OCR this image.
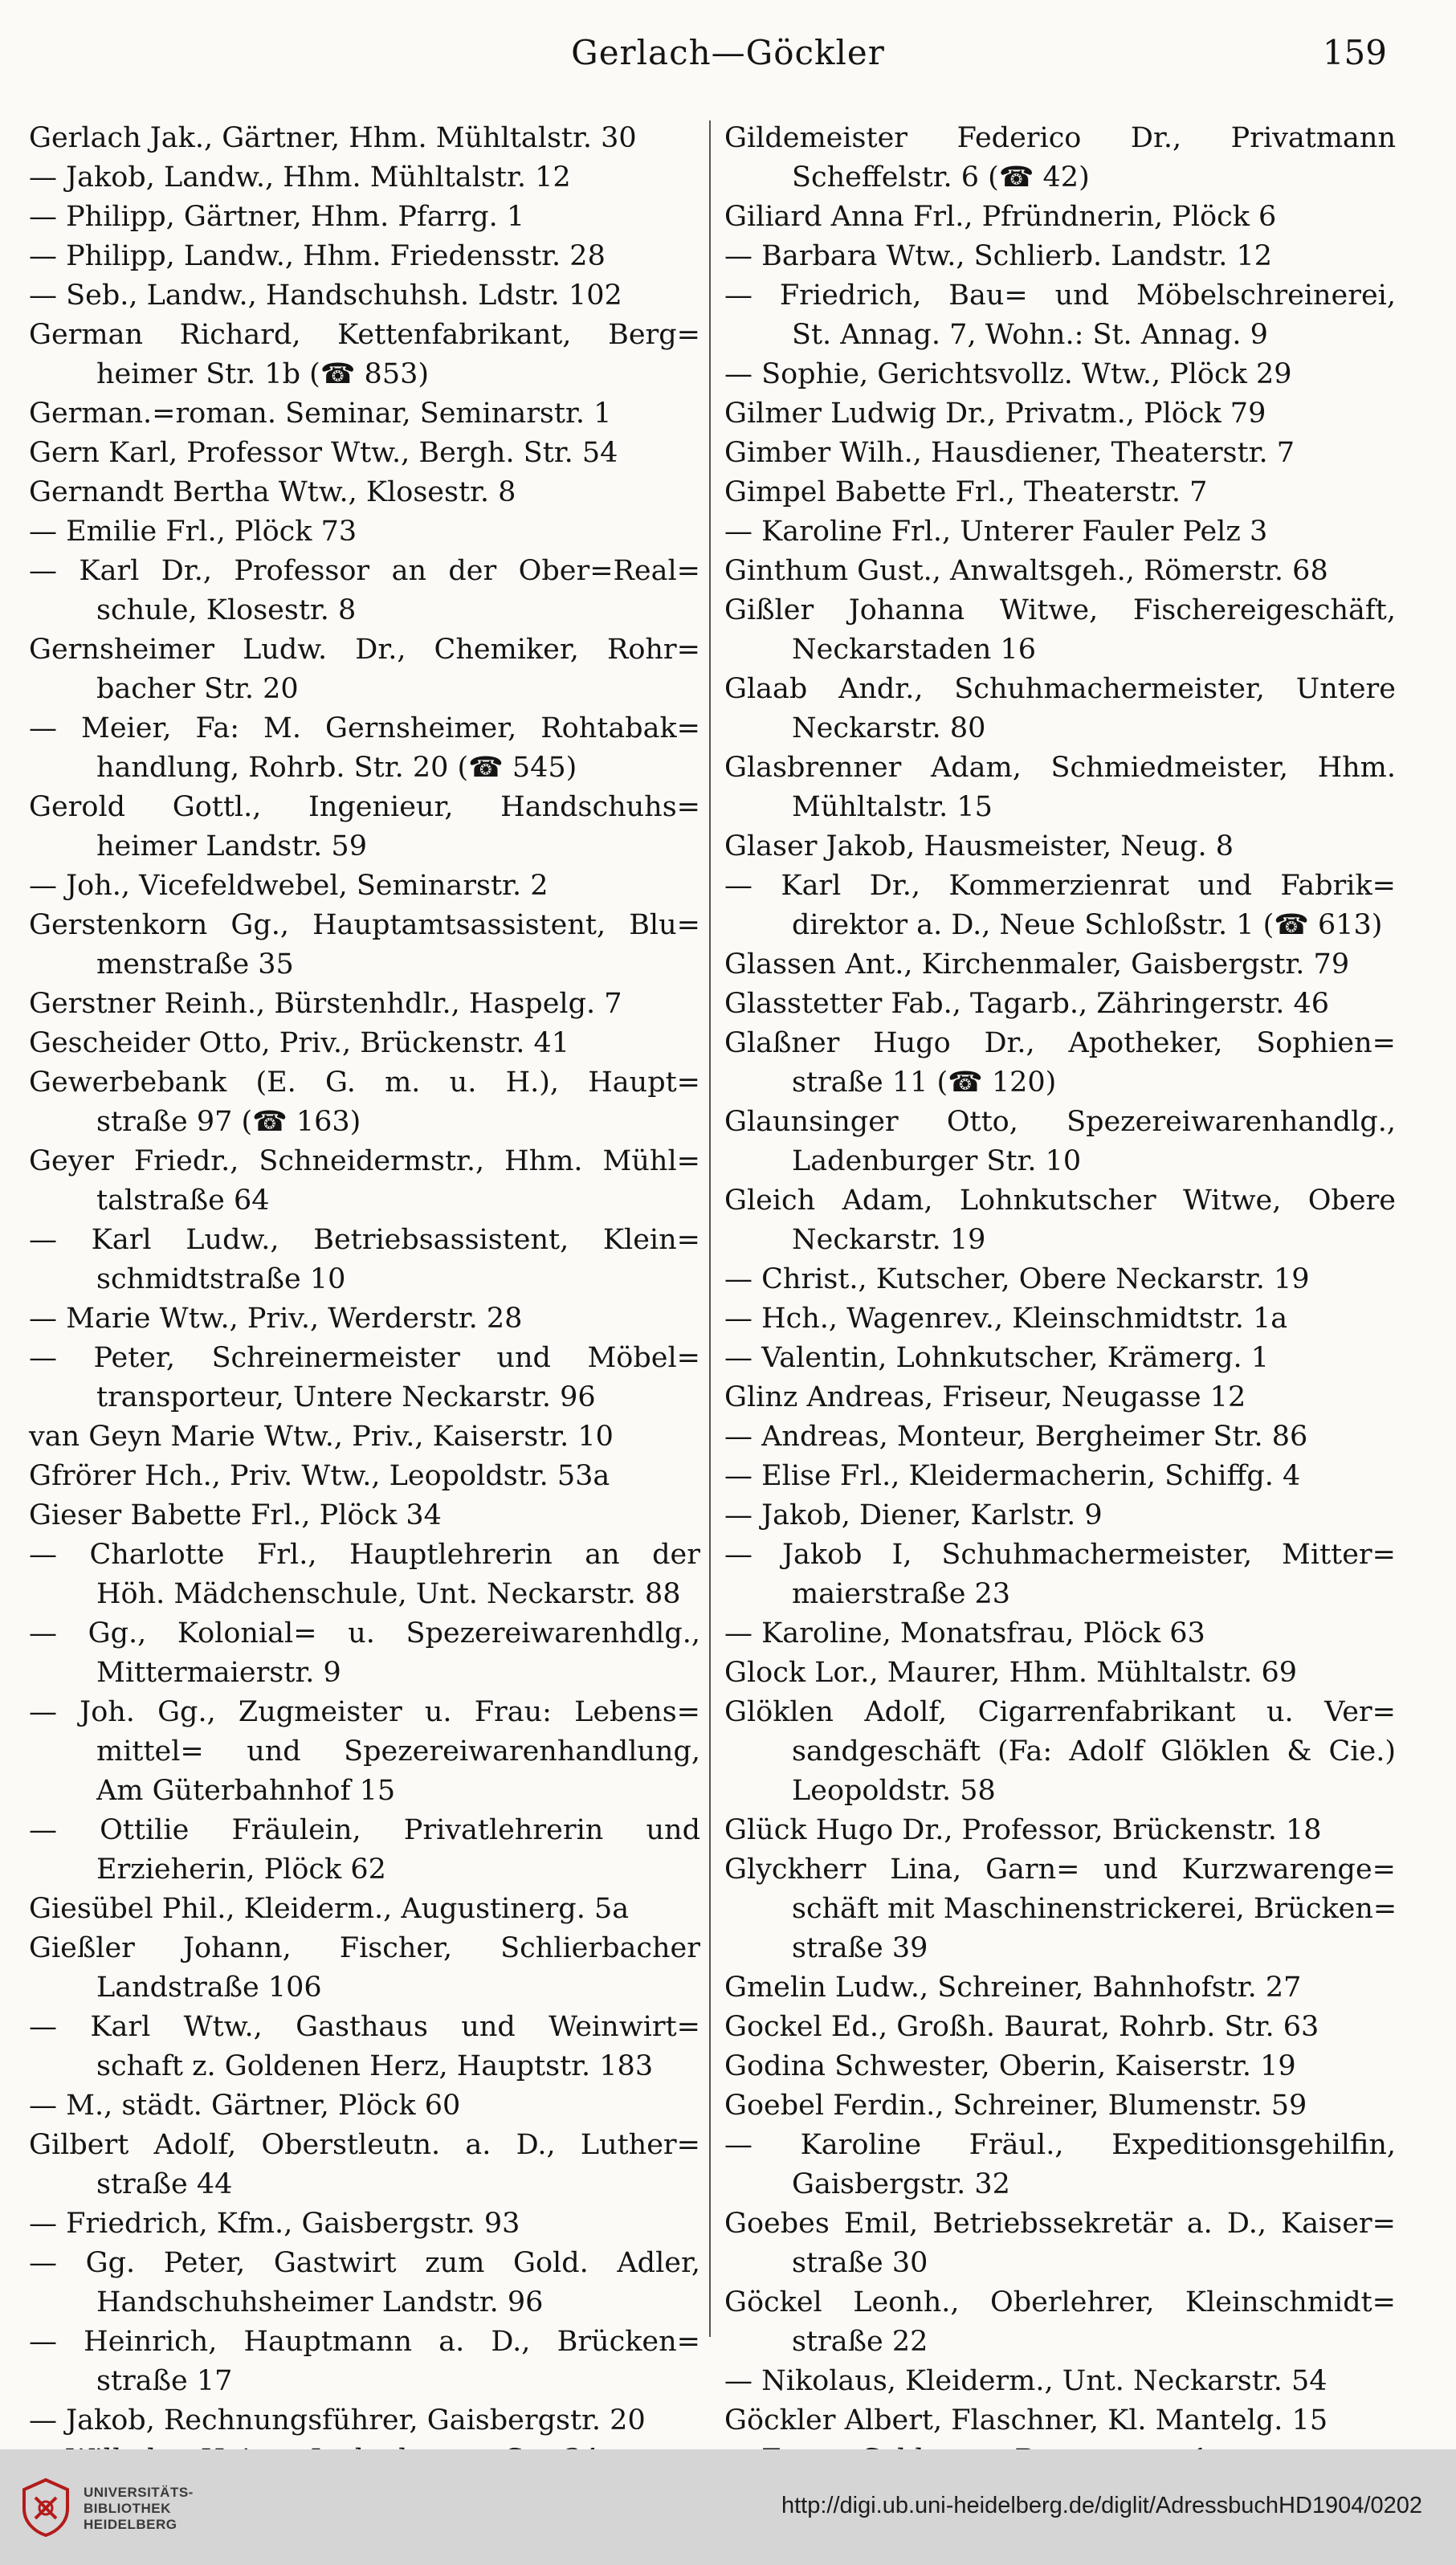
Gerlach—Göckler	159
Gerlach Jak., Gärtner, Hhm. Mühltalstr. 30
— Jakob, Landw., Hhm. Mühltalstr. 12
— Philipp, Gärtner, Hhm. Pfarrg. 1
— Philipp, Landw., Hhm. Friedensstr. 28
— Seb., Landw., Handschuhsh. Ldstr. 102
German Richard, Kettenfabrikant, Berg=
heimer Str. 1b (☎ 853)
German.=roman. Seminar, Seminarstr. 1
Gern Karl, Professor Wtw., Bergh. Str. 54
Gernandt Bertha Wtw., Klosestr. 8
— Emilie Frl., Plöck 73
— Karl Dr., Professor an der Ober=Real=
schule, Klosestr. 8
Gernsheimer Ludw. Dr., Chemiker, Rohr=
bacher Str. 20
— Meier, Fa: M. Gernsheimer, Rohtabak=
handlung, Rohrb. Str. 20 (☎ 545)
Gerold Gottl., Ingenieur, Handschuhs=
heimer Landstr. 59
— Joh., Vicefeldwebel, Seminarstr. 2
Gerstenkorn Gg., Hauptamtsassistent, Blu=
menstraße 35
Gerstner Reinh., Bürstenhdlr., Haspelg. 7
Gescheider Otto, Priv., Brückenstr. 41
Gewerbebank (E. G. m. u. H.), Haupt=
straße 97 (☎ 163)
Geyer Friedr., Schneidermstr., Hhm. Mühl=
talstraße 64
— Karl Ludw., Betriebsassistent, Klein=
schmidtstraße 10
— Marie Wtw., Priv., Werderstr. 28
— Peter, Schreinermeister und Möbel=
transporteur, Untere Neckarstr. 96
van Geyn Marie Wtw., Priv., Kaiserstr. 10
Gfrörer Hch., Priv. Wtw., Leopoldstr. 53a
Gieser Babette Frl., Plöck 34
— Charlotte Frl., Hauptlehrerin an der
Höh. Mädchenschule, Unt. Neckarstr. 88
— Gg., Kolonial= u. Spezereiwarenhdlg.,
Mittermaierstr. 9
— Joh. Gg., Zugmeister u. Frau: Lebens=
mittel= und Spezereiwarenhandlung,
Am Güterbahnhof 15
— Ottilie Fräulein, Privatlehrerin und
Erzieherin, Plöck 62
Giesübel Phil., Kleiderm., Augustinerg. 5a
Gießler Johann, Fischer, Schlierbacher
Landstraße 106
— Karl Wtw., Gasthaus und Weinwirt=
schaft z. Goldenen Herz, Hauptstr. 183
— M., städt. Gärtner, Plöck 60
Gilbert Adolf, Oberstleutn. a. D., Luther=
straße 44
— Friedrich, Kfm., Gaisbergstr. 93
— Gg. Peter, Gastwirt zum Gold. Adler,
Handschuhsheimer Landstr. 96
— Heinrich, Hauptmann a. D., Brücken=
straße 17
— Jakob, Rechnungsführer, Gaisbergstr. 20
Gildemeister Federico Dr., Privatmann
Scheffelstr. 6 (☎ 42)
Giliard Anna Frl., Pfründnerin, Plöck 6
— Barbara Wtw., Schlierb. Landstr. 12
— Friedrich, Bau= und Möbelschreinerei,
St. Annag. 7, Wohn.: St. Annag. 9
— Sophie, Gerichtsvollz. Wtw., Plöck 29
Gilmer Ludwig Dr., Privatm., Plöck 79
Gimber Wilh., Hausdiener, Theaterstr. 7
Gimpel Babette Frl., Theaterstr. 7
— Karoline Frl., Unterer Fauler Pelz 3
Ginthum Gust., Anwaltsgeh., Römerstr. 68
Gißler Johanna Witwe, Fischereigeschäft,
Neckarstaden 16
Glaab Andr., Schuhmachermeister, Untere
Neckarstr. 80
Glasbrenner Adam, Schmiedmeister, Hhm.
Mühltalstr. 15
Glaser Jakob, Hausmeister, Neug. 8
— Karl Dr., Kommerzienrat und Fabrik=
direktor a. D., Neue Schloßstr. 1 (☎ 613)
Glassen Ant., Kirchenmaler, Gaisbergstr. 79
Glasstetter Fab., Tagarb., Zähringerstr. 46
Glaßner Hugo Dr., Apotheker, Sophien=
straße 11 (☎ 120)
Glaunsinger Otto, Spezereiwarenhandlg.,
Ladenburger Str. 10
Gleich Adam, Lohnkutscher Witwe, Obere
Neckarstr. 19
— Christ., Kutscher, Obere Neckarstr. 19
— Hch., Wagenrev., Kleinschmidtstr. 1a
— Valentin, Lohnkutscher, Krämerg. 1
Glinz Andreas, Friseur, Neugasse 12
— Andreas, Monteur, Bergheimer Str. 86
— Elise Frl., Kleidermacherin, Schiffg. 4
— Jakob, Diener, Karlstr. 9
— Jakob I, Schuhmachermeister, Mitter=
maierstraße 23
— Karoline, Monatsfrau, Plöck 63
Glock Lor., Maurer, Hhm. Mühltalstr. 69
Glöklen Adolf, Cigarrenfabrikant u. Ver=
sandgeschäft (Fa: Adolf Glöklen & Cie.)
Leopoldstr. 58
Glück Hugo Dr., Professor, Brückenstr. 18
Glyckherr Lina, Garn= und Kurzwarenge=
schäft mit Maschinenstrickerei, Brücken=
straße 39
Gmelin Ludw., Schreiner, Bahnhofstr. 27
Gockel Ed., Großh. Baurat, Rohrb. Str. 63
Godina Schwester, Oberin, Kaiserstr. 19
Goebel Ferdin., Schreiner, Blumenstr. 59
— Karoline Fräul., Expeditionsgehilfin,
Gaisbergstr. 32
Goebes Emil, Betriebssekretär a. D., Kaiser=
straße 30
Göckel Leonh., Oberlehrer, Kleinschmidt=
straße 22
— Nikolaus, Kleiderm., Unt. Neckarstr. 54
Göckler Albert, Flaschner, Kl. Mantelg. 15
UNIVERSITÄTS-
BIBLIOTHEK
HEIDELBERG
http://digi.ub.uni-heidelberg.de/diglit/AdressbuchHD1904/0202
